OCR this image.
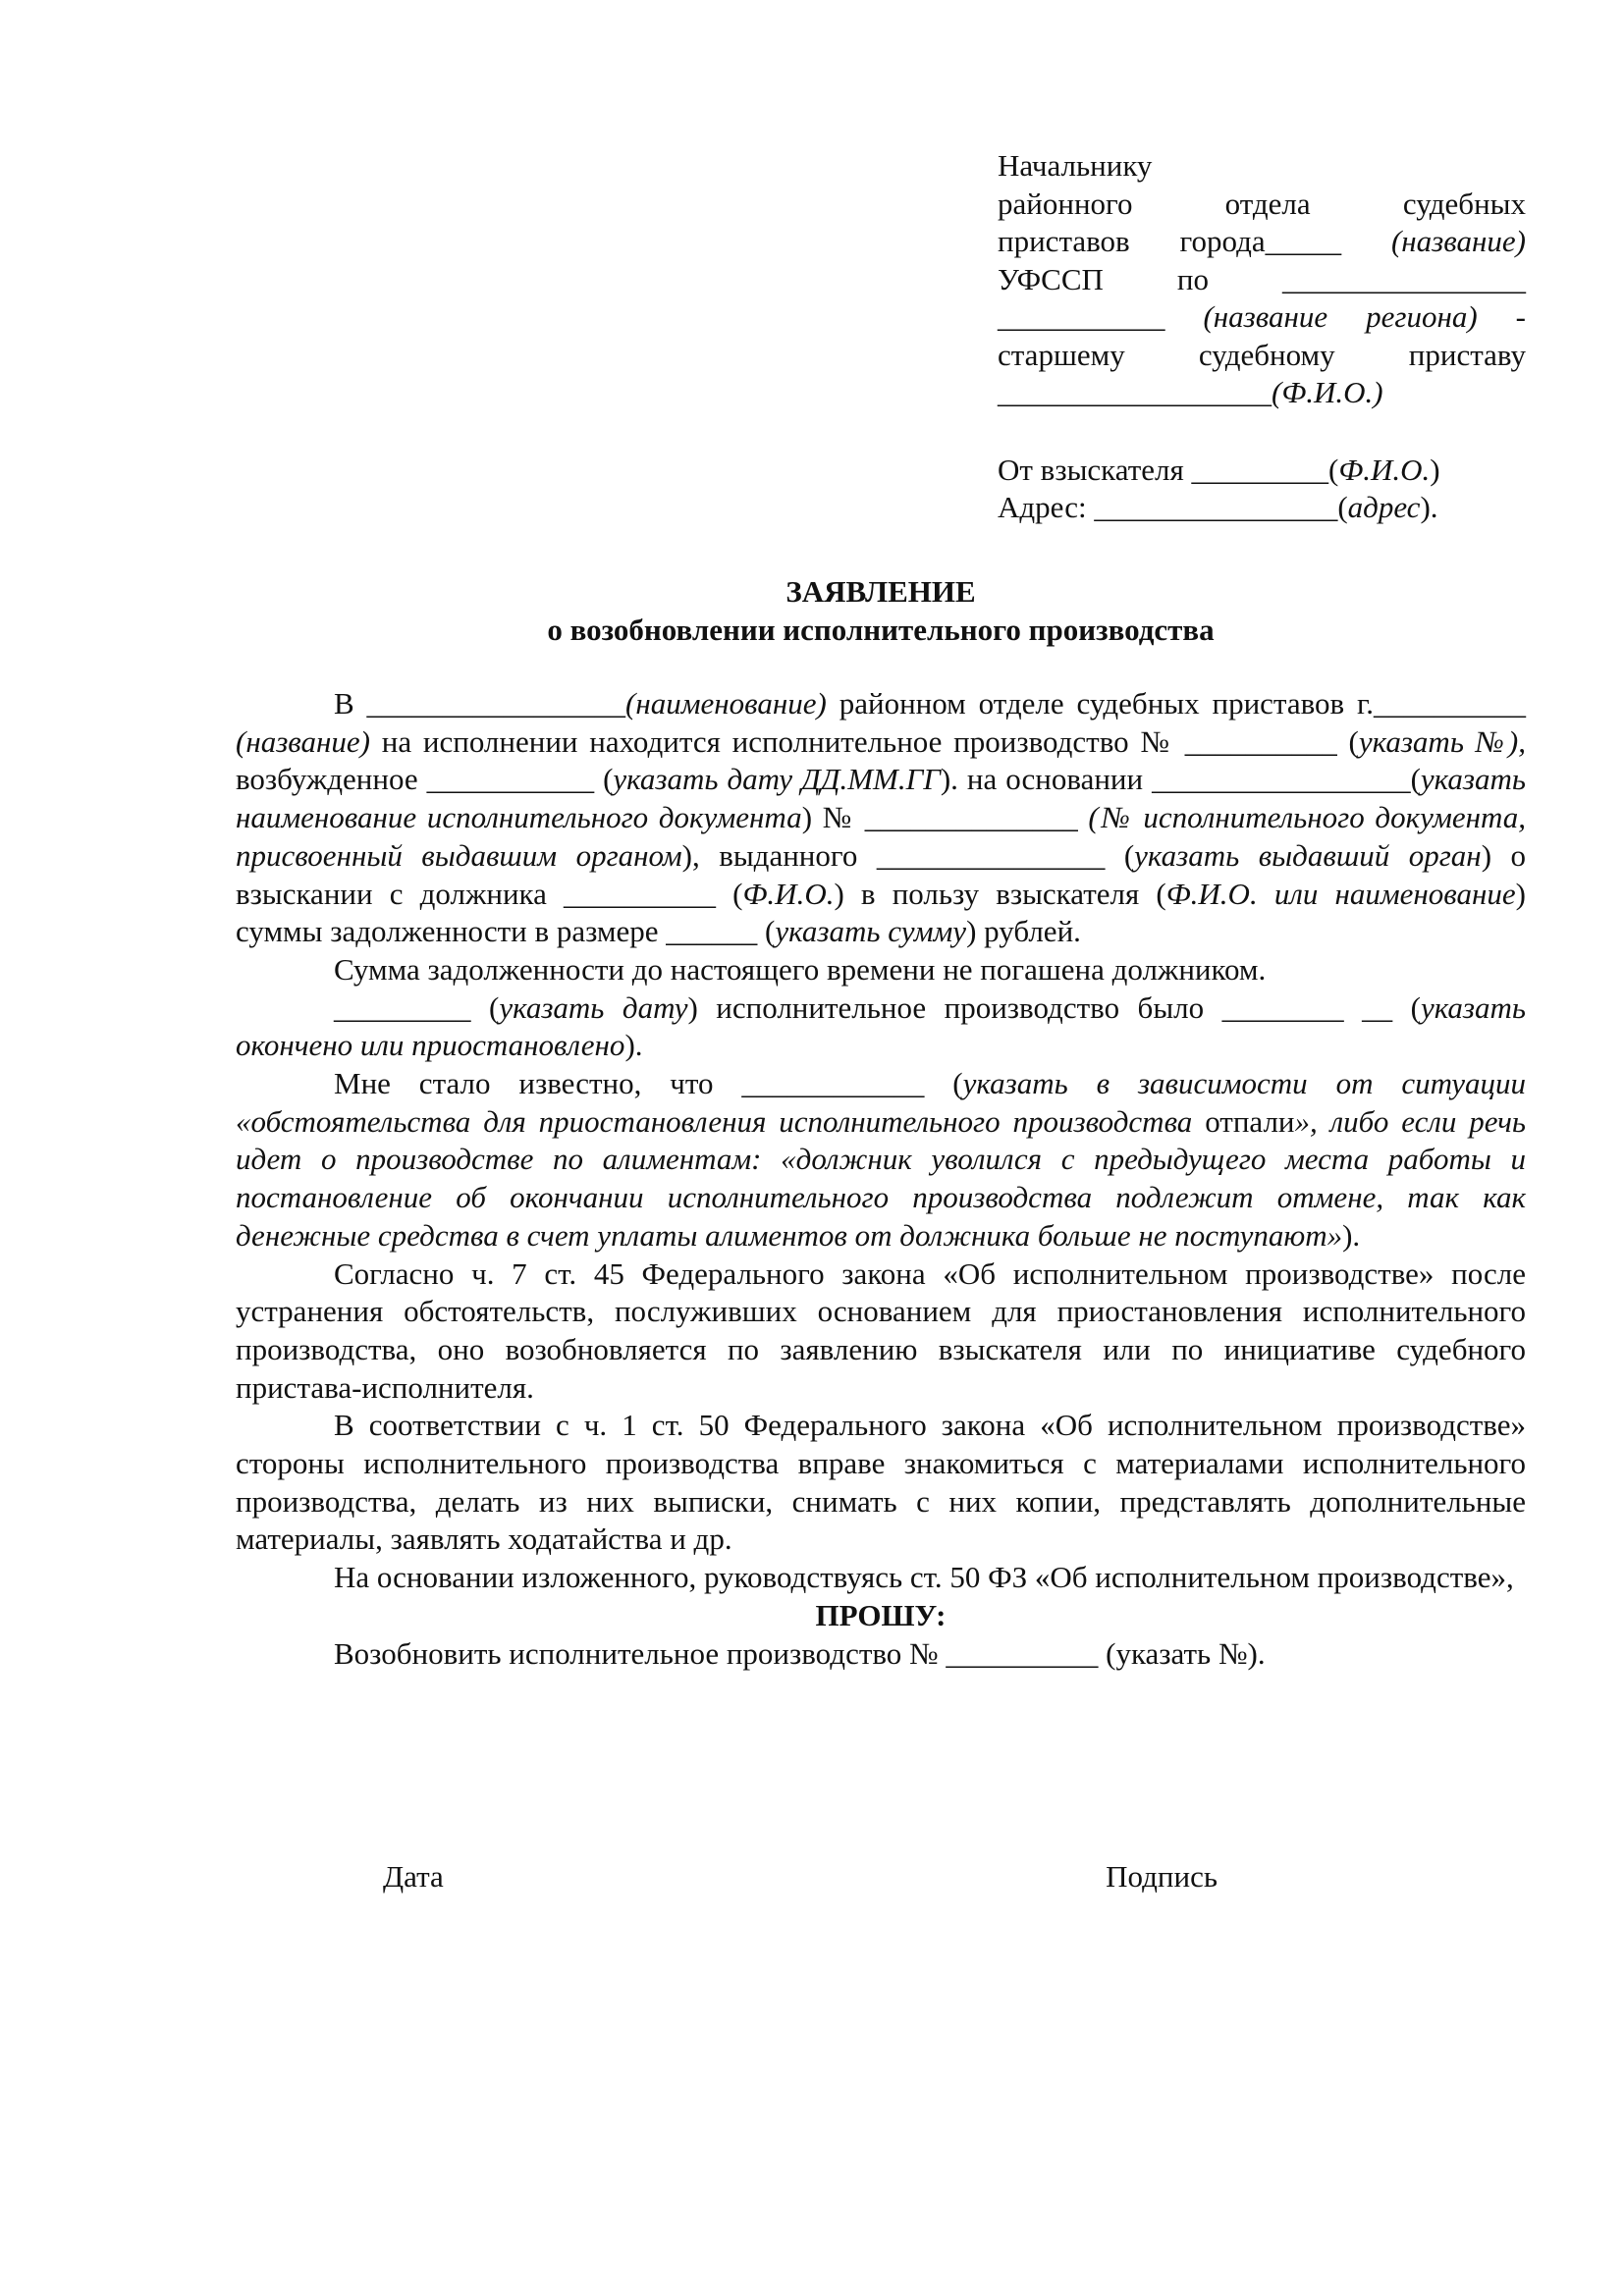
Начальнику
районного отдела судебных
приставов города_____ (название)
УФССП по ________________
___________ (название региона) -
старшему судебному приставу
__________________(Ф.И.О.)
От взыскателя _________(Ф.И.О.)
Адрес: ________________(адрес).
ЗАЯВЛЕНИЕ
о возобновлении исполнительного производства

В _________________(наименование) районном отделе судебных приставов г.__________ (название) на исполнении находится исполнительное производство № __________ (указать №), возбужденное ___________ (указать дату ДД.ММ.ГГ). на основании _________________(указать наименование исполнительного документа) № ______________ (№ исполнительного документа, присвоенный выдавшим органом), выданного _______________ (указать выдавший орган) о взыскании с должника __________ (Ф.И.О.) в пользу взыскателя (Ф.И.О. или наименование) суммы задолженности в размере ______ (указать сумму) рублей.

Сумма задолженности до настоящего времени не погашена должником.

_________ (указать дату) исполнительное производство было ________ __ (указать окончено или приостановлено).

Мне стало известно, что ____________ (указать в зависимости от ситуации «обстоятельства для приостановления исполнительного производства отпали», либо если речь идет о производстве по алиментам: «должник уволился с предыдущего места работы и постановление об окончании исполнительного производства подлежит отмене, так как денежные средства в счет уплаты алиментов от должника больше не поступают»).

Согласно ч. 7 ст. 45 Федерального закона «Об исполнительном производстве» после устранения обстоятельств, послуживших основанием для приостановления исполнительного производства, оно возобновляется по заявлению взыскателя или по инициативе судебного пристава-исполнителя.

В соответствии с ч. 1 ст. 50 Федерального закона «Об исполнительном производстве» стороны исполнительного производства вправе знакомиться с материалами исполнительного производства, делать из них выписки, снимать с них копии, представлять дополнительные материалы, заявлять ходатайства и др.

На основании изложенного, руководствуясь ст. 50 ФЗ «Об исполнительном производстве»,

ПРОШУ:

Возобновить исполнительное производство № __________ (указать №).

Дата	Подпись
